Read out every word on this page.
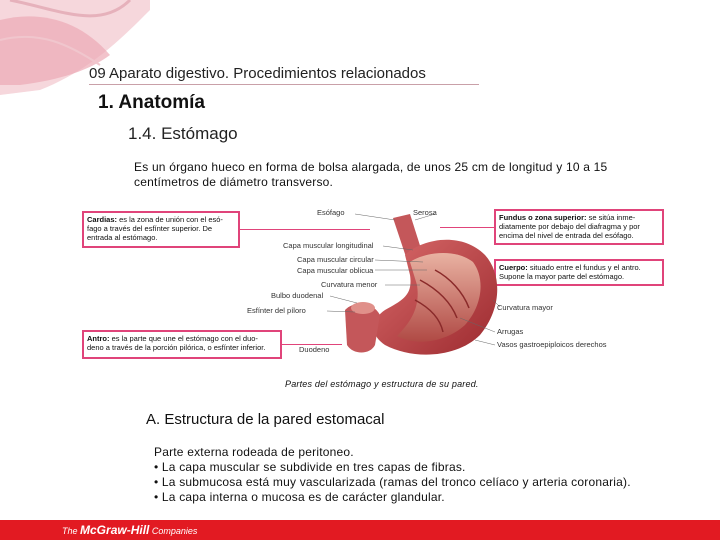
09 Aparato digestivo. Procedimientos relacionados
1. Anatomía
1.4. Estómago
Es un órgano hueco en forma de bolsa alargada, de unos 25 cm de longitud y 10 a 15
centímetros de diámetro transverso.
Cardias: es la zona de unión con el esó-
fago a través del esfínter superior. De
entrada al estómago.
Antro: es la parte que une el estómago con el duo-
deno a través de la porción pilórica, o esfínter inferior.
Fundus o zona superior: se sitúa inme-
diatamente por debajo del diafragma y por
encima del nivel de entrada del esófago.
Cuerpo: situado entre el fundus y el antro.
Supone la mayor parte del estómago.
Esófago	Serosa
Capa muscular longitudinal
Capa muscular circular
Capa muscular oblicua
Curvatura menor
Bulbo duodenal
Esfínter del píloro
Duodeno
Curvatura mayor
Arrugas
Vasos gastroepiploicos derechos
Partes del estómago y estructura de su pared.
A. Estructura de la pared estomacal
Parte externa rodeada de peritoneo.
• La capa muscular se subdivide en tres capas de fibras.
• La submucosa está muy vascularizada (ramas del tronco celíaco y arteria coronaria).
• La capa interna o mucosa es de carácter glandular.
The McGraw-Hill Companies
